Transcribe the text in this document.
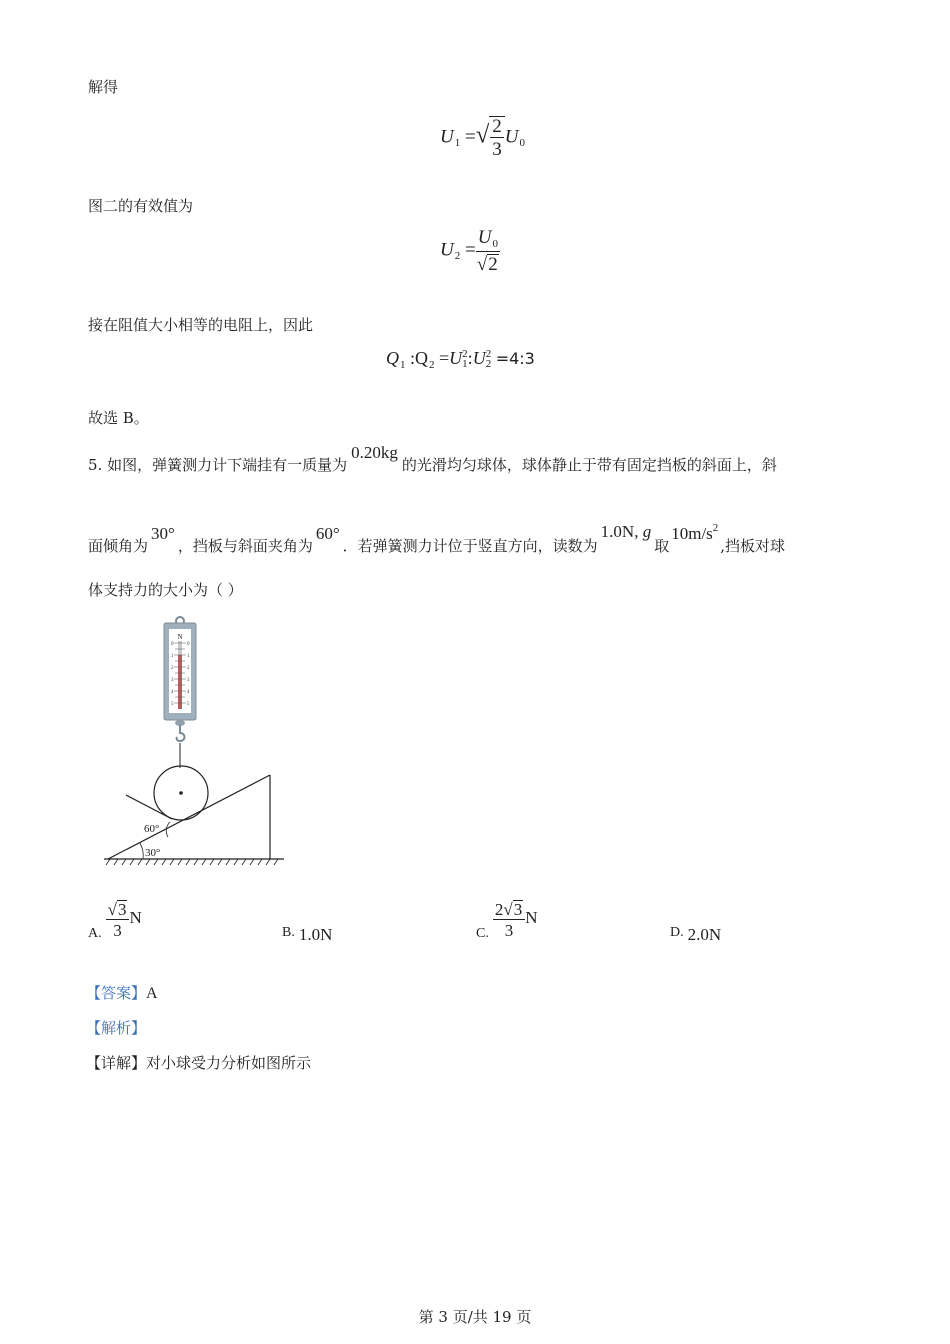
解得
$U_1$ =√ $\frac{2}{3} U_0$
图二的有效值为
$U_2 = \frac{U_0}{√2}$
接在阻值大小相等的电阻上，因此
$Q_1$ $:Q_2 =U$ 2
1 :U 2
2 =4:3
故选 B。
5. 如图，弹簧测力计下端挂有一质量为0.20kg的光滑均匀球体，球体静止于带有固定挡板的斜面上，斜
面倾角为30°，挡板与斜面夹角为60°．若弹簧测力计位于竖直方向，读数为1.0N, g取$10m/s^2$,挡板对球
体支持力的大小为（ ）
N
0	0
1	1
2	2
3	3
4	4
5	5
30°
60°
A. $\frac{√3}{3}$ N
B. 1.0N	C. $\frac{2√3}{3}$ N
D. 2.0N
【答案】A
【解析】
【详解】对小球受力分析如图所示
第 3 页/共 19 页
